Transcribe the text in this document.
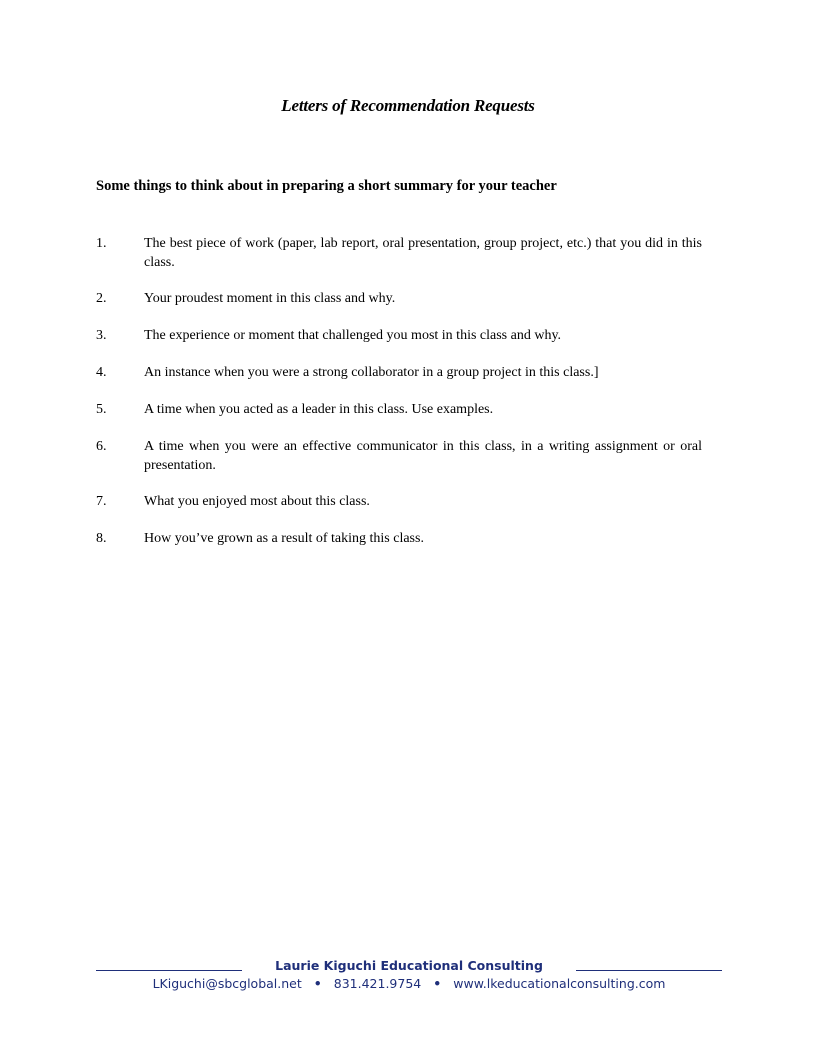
Letters of Recommendation Requests
Some things to think about in preparing a short summary for your teacher
1.	The best piece of work (paper, lab report, oral presentation, group project, etc.) that you did in this class.
2.	Your proudest moment in this class and why.
3.	The experience or moment that challenged you most in this class and why.
4.	An instance when you were a strong collaborator in a group project in this class.]
5.	A time when you acted as a leader in this class. Use examples.
6.	A time when you were an effective communicator in this class, in a writing assignment or oral presentation.
7.	What you enjoyed most about this class.
8.	How you’ve grown as a result of taking this class.
Laurie Kiguchi Educational Consulting
LKiguchi@sbcglobal.net • 831.421.9754 • www.lkeducationalconsulting.com
